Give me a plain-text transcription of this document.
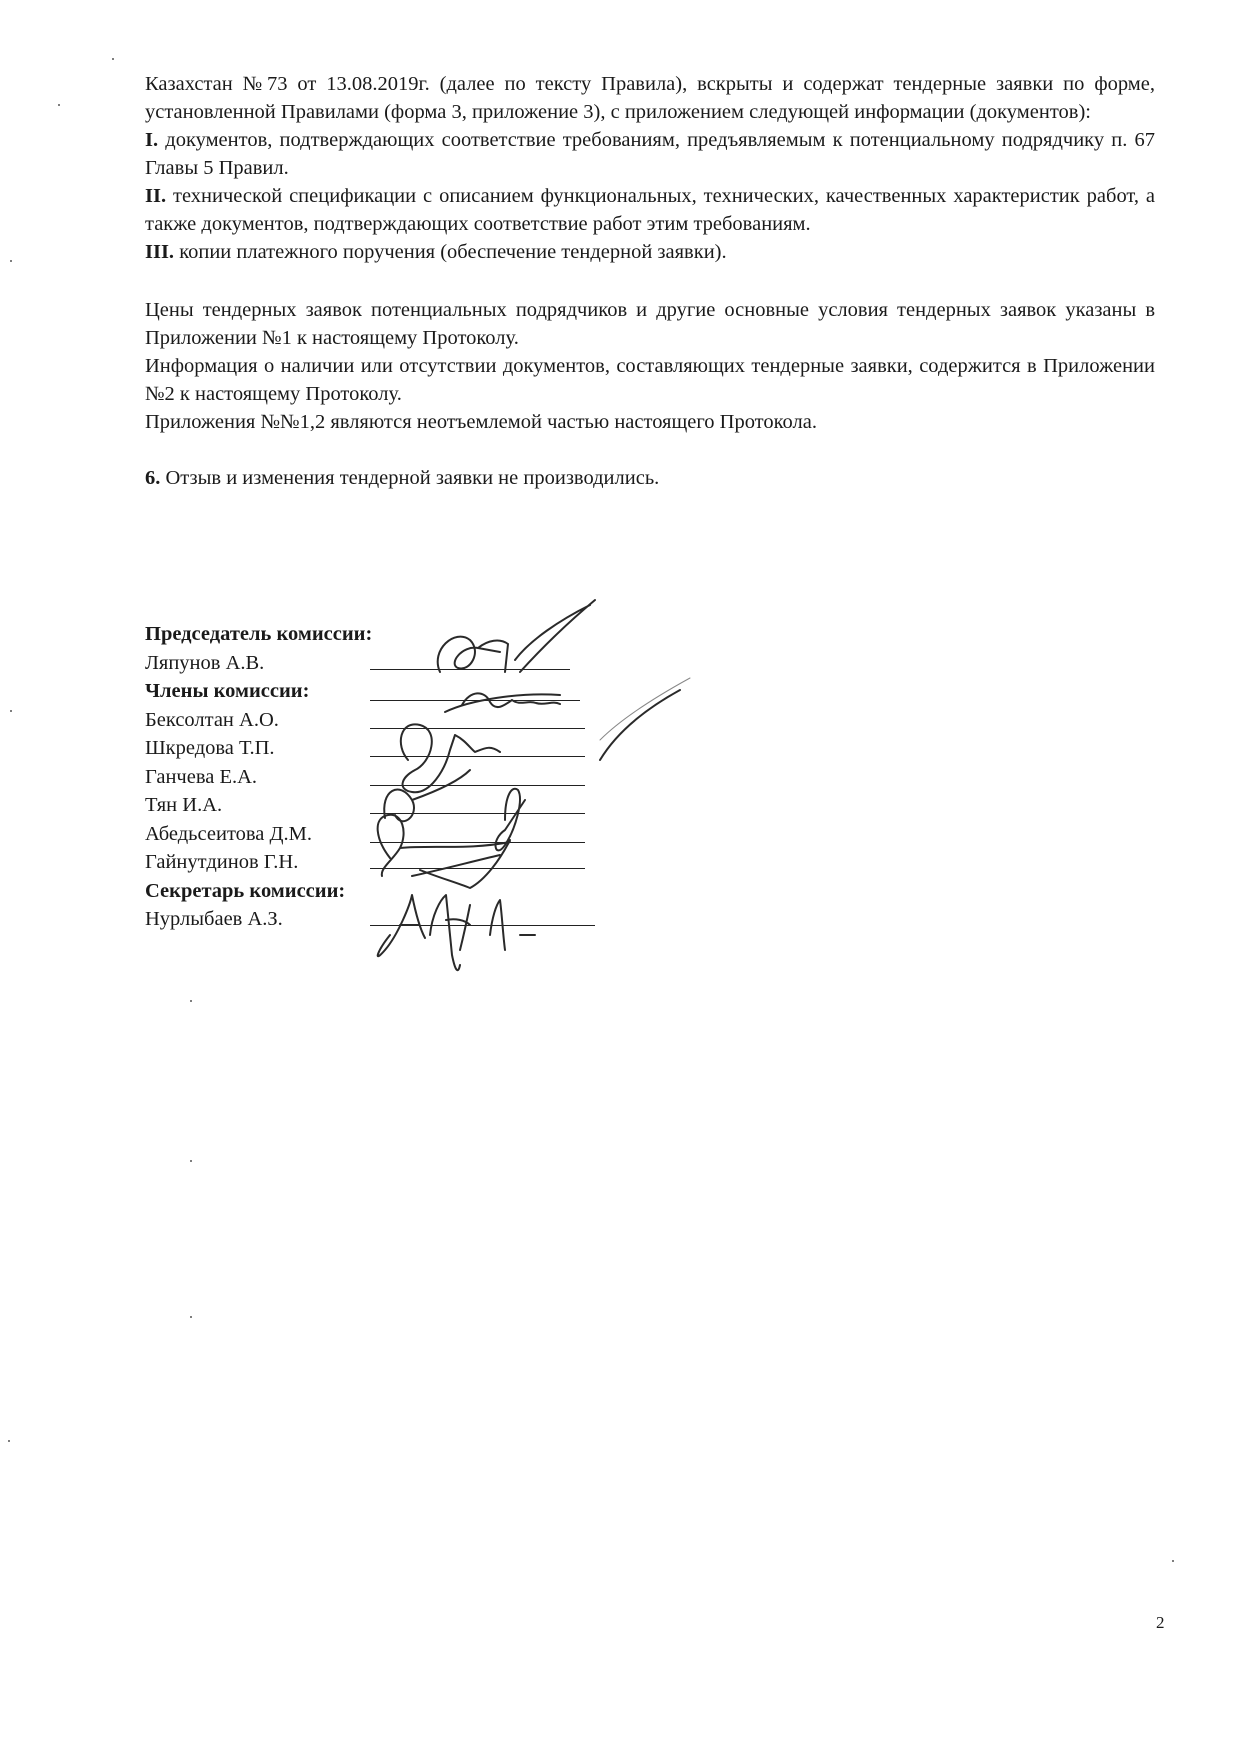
Казахстан №73 от 13.08.2019г. (далее по тексту Правила), вскрыты и содержат тендерные заявки по форме, установленной Правилами (форма 3, приложение 3), с приложением следующей информации (документов):

I. документов, подтверждающих соответствие требованиям, предъявляемым к потенциальному подрядчику п. 67 Главы 5 Правил.

II. технической спецификации с описанием функциональных, технических, качественных характеристик работ, а также документов, подтверждающих соответствие работ этим требованиям.

III. копии платежного поручения (обеспечение тендерной заявки).

Цены тендерных заявок потенциальных подрядчиков и другие основные условия тендерных заявок указаны в Приложении №1 к настоящему Протоколу.

Информация о наличии или отсутствии документов, составляющих тендерные заявки, содержится в Приложении №2 к настоящему Протоколу.

Приложения №№1,2 являются неотъемлемой частью настоящего Протокола.

6. Отзыв и изменения тендерной заявки не производились.

Председатель комиссии:
Ляпунов А.В.
Члены комиссии:
Бексолтан А.О.
Шкредова Т.П.
Ганчева Е.А.
Тян И.А.
Абедьсеитова Д.М.
Гайнутдинов Г.Н.
Секретарь комиссии:
Нурлыбаев А.З.
2
